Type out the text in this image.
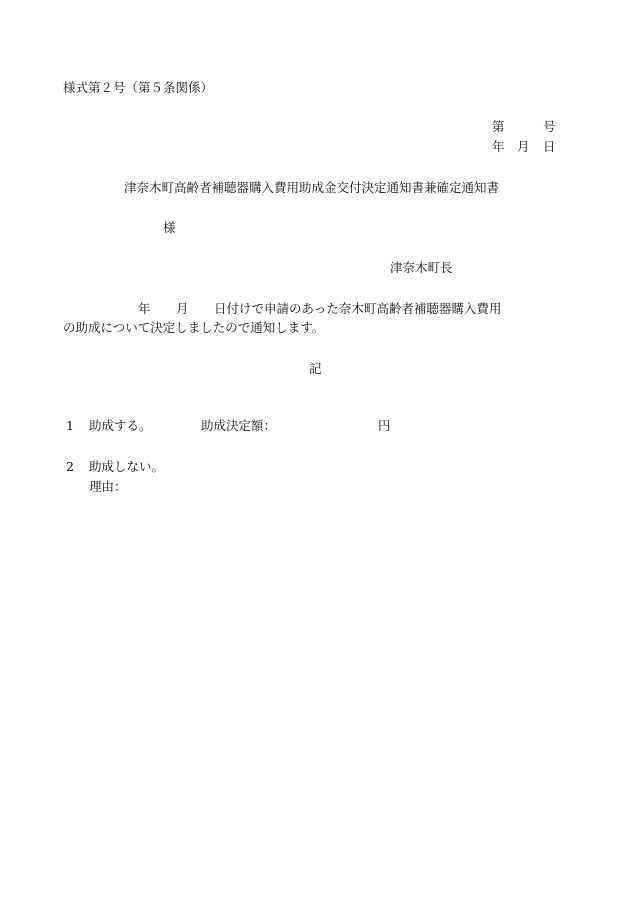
様式第２号（第５条関係）
第	号
年 月 日
津奈木町高齢者補聴器購入費用助成金交付決定通知書兼確定通知書
様
津奈木町長
年 月 日付けで申請のあった奈木町高齢者補聴器購入費用
の助成について決定しましたので通知します。
記
1 助成する。	助成決定額：	円
2 助成しない。
理由：
